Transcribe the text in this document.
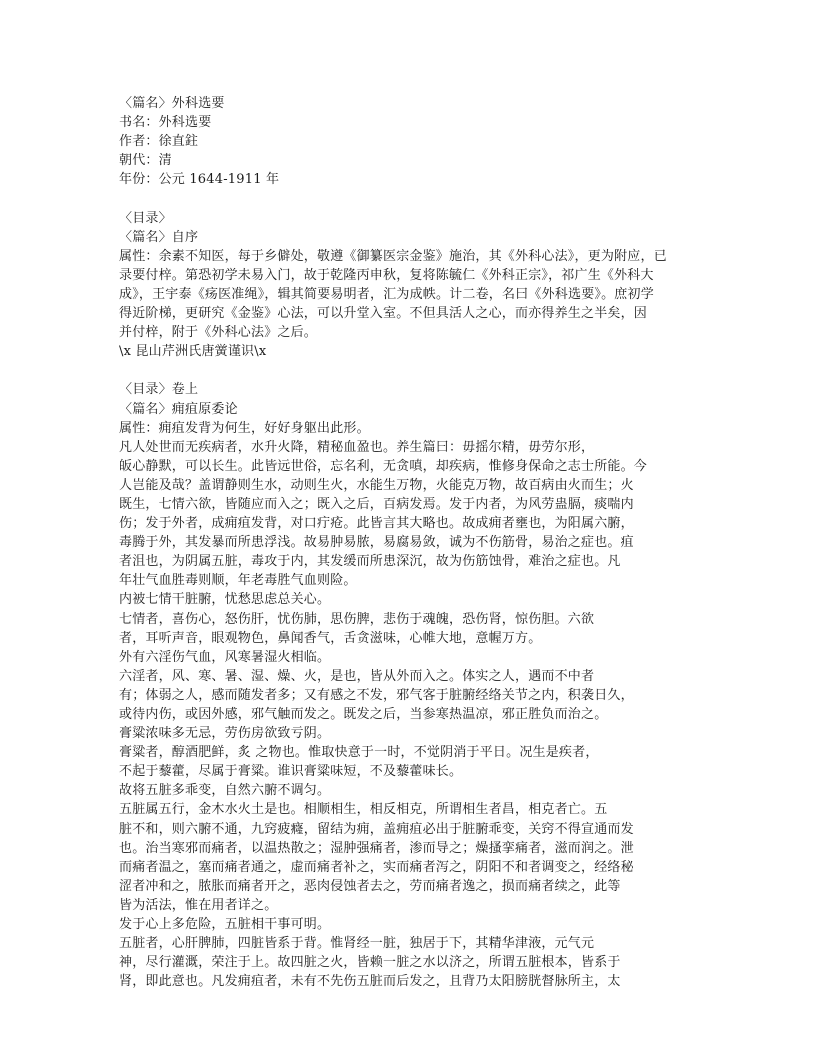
〈篇名〉外科选要
书名：外科选要
作者：徐直鉒
朝代：清
年份：公元 1644-1911 年
〈目录〉
〈篇名〉自序
属性：余素不知医，每于乡僻处，敬遵《御纂医宗金鉴》施治，其《外科心法》，更为附应，已
录要付梓。第恐初学未易入门，故于乾隆丙申秋，复将陈毓仁《外科正宗》，祁广生《外科大
成》，王宇泰《疡医准绳》，辑其简要易明者，汇为成帙。计二卷，名曰《外科选要》。庶初学
得近阶梯，更研究《金鉴》心法，可以升堂入室。不但具活人之心，而亦得养生之半矣，因
并付梓，附于《外科心法》之后。
\x 昆山芹洲氏唐黉谨识\x
〈目录〉卷上
〈篇名〉痈疽原委论
属性：痈疽发背为何生，好好身躯出此形。
凡人处世而无疾病者，水升火降，精秘血盈也。养生篇曰：毋摇尔精，毋劳尔形，
皈心静默，可以长生。此皆远世俗，忘名利，无贪嗔，却疾病，惟修身保命之志士所能。今
人岂能及哉？盖谓静则生水，动则生火，水能生万物，火能克万物，故百病由火而生；火
既生，七情六欲，皆随应而入之；既入之后，百病发焉。发于内者，为风劳蛊膈，痰喘内
伤；发于外者，成痈疽发背，对口疔疮。此皆言其大略也。故成痈者壅也，为阳属六腑，
毒腾于外，其发暴而所患浮浅。故易肿易脓，易腐易敛，诚为不伤筋骨，易治之症也。疽
者沮也，为阴属五脏，毒攻于内，其发缓而所患深沉，故为伤筋蚀骨，难治之症也。凡
年壮气血胜毒则顺，年老毒胜气血则险。
内被七情干脏腑，忧愁思虑总关心。
七情者，喜伤心，怒伤肝，忧伤肺，思伤脾，悲伤于魂魄，恐伤肾，惊伤胆。六欲
者，耳听声音，眼观物色，鼻闻香气，舌贪滋味，心帷大地，意幄万方。
外有六淫伤气血，风寒暑湿火相临。
六淫者，风、寒、暑、湿、燥、火，是也，皆从外而入之。体实之人，遇而不中者
有；体弱之人，感而随发者多；又有感之不发，邪气客于脏腑经络关节之内，积袭日久，
或待内伤，或因外感，邪气触而发之。既发之后，当参寒热温凉，邪正胜负而治之。
膏粱浓味多无忌，劳伤房欲致亏阴。
膏粱者，醇酒肥鲜，炙 之物也。惟取快意于一时，不觉阴消于平日。况生是疾者，
不起于藜藿，尽属于膏粱。谁识膏粱味短，不及藜藿味长。
故将五脏多乖变，自然六腑不调匀。
五脏属五行，金木水火土是也。相顺相生，相反相克，所谓相生者昌，相克者亡。五
脏不和，则六腑不通，九窍疲癃，留结为痈，盖痈疽必出于脏腑乖变，关窍不得宣通而发
也。治当寒邪而痛者，以温热散之；湿肿强痛者，渗而导之；燥搔挛痛者，滋而润之。泄
而痛者温之，塞而痛者通之，虚而痛者补之，实而痛者泻之，阴阳不和者调变之，经络秘
涩者冲和之，脓胀而痛者开之，恶肉侵蚀者去之，劳而痛者逸之，损而痛者续之，此等
皆为活法，惟在用者详之。
发于心上多危险，五脏相干事可明。
五脏者，心肝脾肺，四脏皆系于背。惟肾经一脏，独居于下，其精华津液，元气元
神，尽行灌溉，荣注于上。故四脏之火，皆赖一脏之水以济之，所谓五脏根本，皆系于
肾，即此意也。凡发痈疽者，未有不先伤五脏而后发之，且背乃太阳膀胱督脉所主，太
